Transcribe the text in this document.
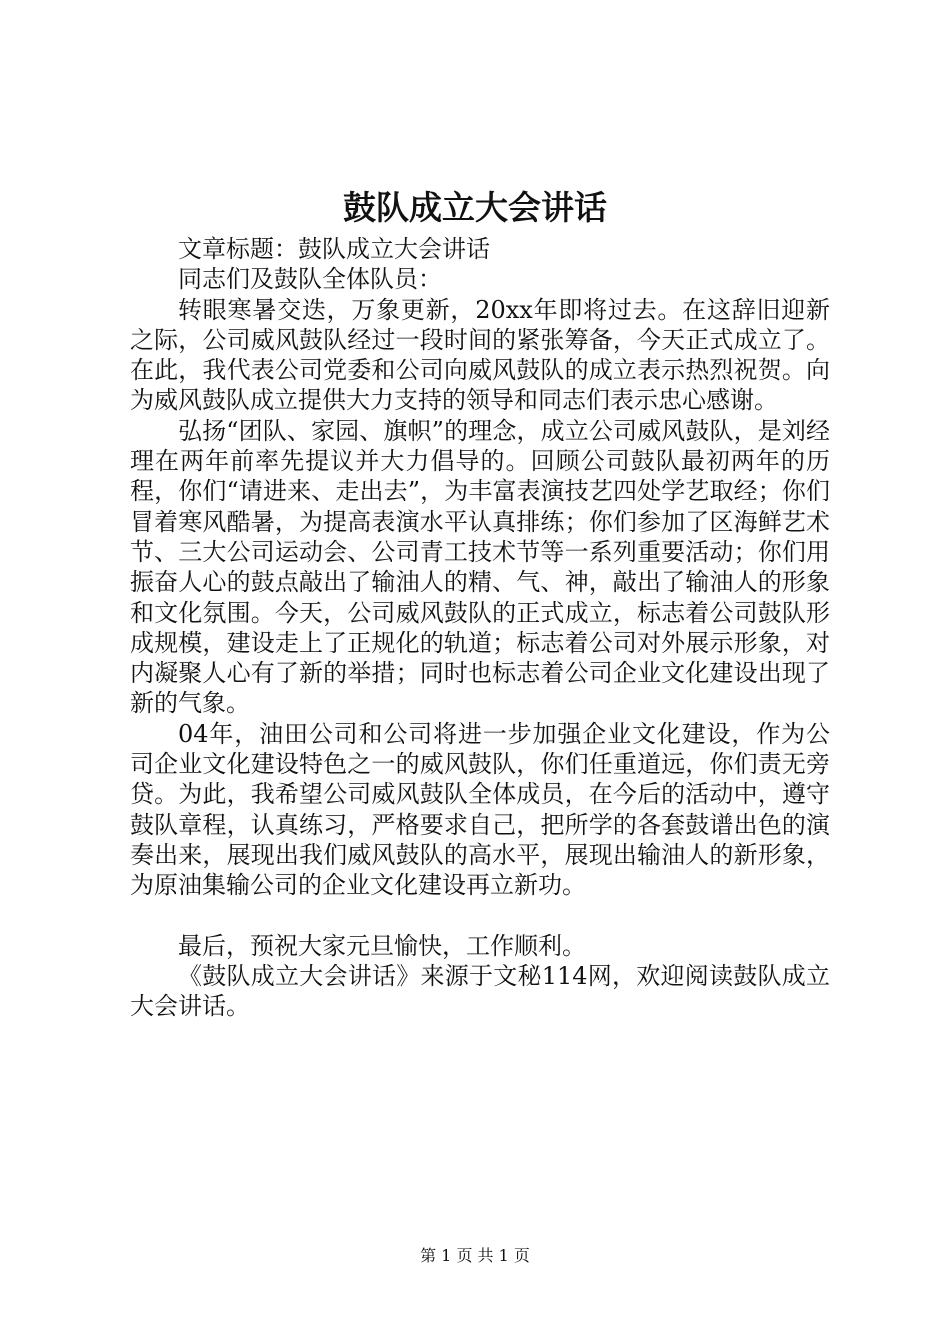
鼓队成立大会讲话

文章标题：鼓队成立大会讲话

同志们及鼓队全体队员：

转眼寒暑交迭，万象更新，20xx年即将过去。在这辞旧迎新之际，公司威风鼓队经过一段时间的紧张筹备，今天正式成立了。在此，我代表公司党委和公司向威风鼓队的成立表示热烈祝贺。向为威风鼓队成立提供大力支持的领导和同志们表示忠心感谢。

弘扬“团队、家园、旗帜”的理念，成立公司威风鼓队，是刘经理在两年前率先提议并大力倡导的。回顾公司鼓队最初两年的历程，你们“请进来、走出去”，为丰富表演技艺四处学艺取经；你们冒着寒风酷暑，为提高表演水平认真排练；你们参加了区海鲜艺术节、三大公司运动会、公司青工技术节等一系列重要活动；你们用振奋人心的鼓点敲出了输油人的精、气、神，敲出了输油人的形象和文化氛围。今天，公司威风鼓队的正式成立，标志着公司鼓队形成规模，建设走上了正规化的轨道；标志着公司对外展示形象，对内凝聚人心有了新的举措；同时也标志着公司企业文化建设出现了新的气象。

04年，油田公司和公司将进一步加强企业文化建设，作为公司企业文化建设特色之一的威风鼓队，你们任重道远，你们责无旁贷。为此，我希望公司威风鼓队全体成员，在今后的活动中，遵守鼓队章程，认真练习，严格要求自己，把所学的各套鼓谱出色的演奏出来，展现出我们威风鼓队的高水平，展现出输油人的新形象，为原油集输公司的企业文化建设再立新功。

最后，预祝大家元旦愉快，工作顺利。

《鼓队成立大会讲话》来源于文秘114网，欢迎阅读鼓队成立大会讲话。

第 1 页 共 1 页
